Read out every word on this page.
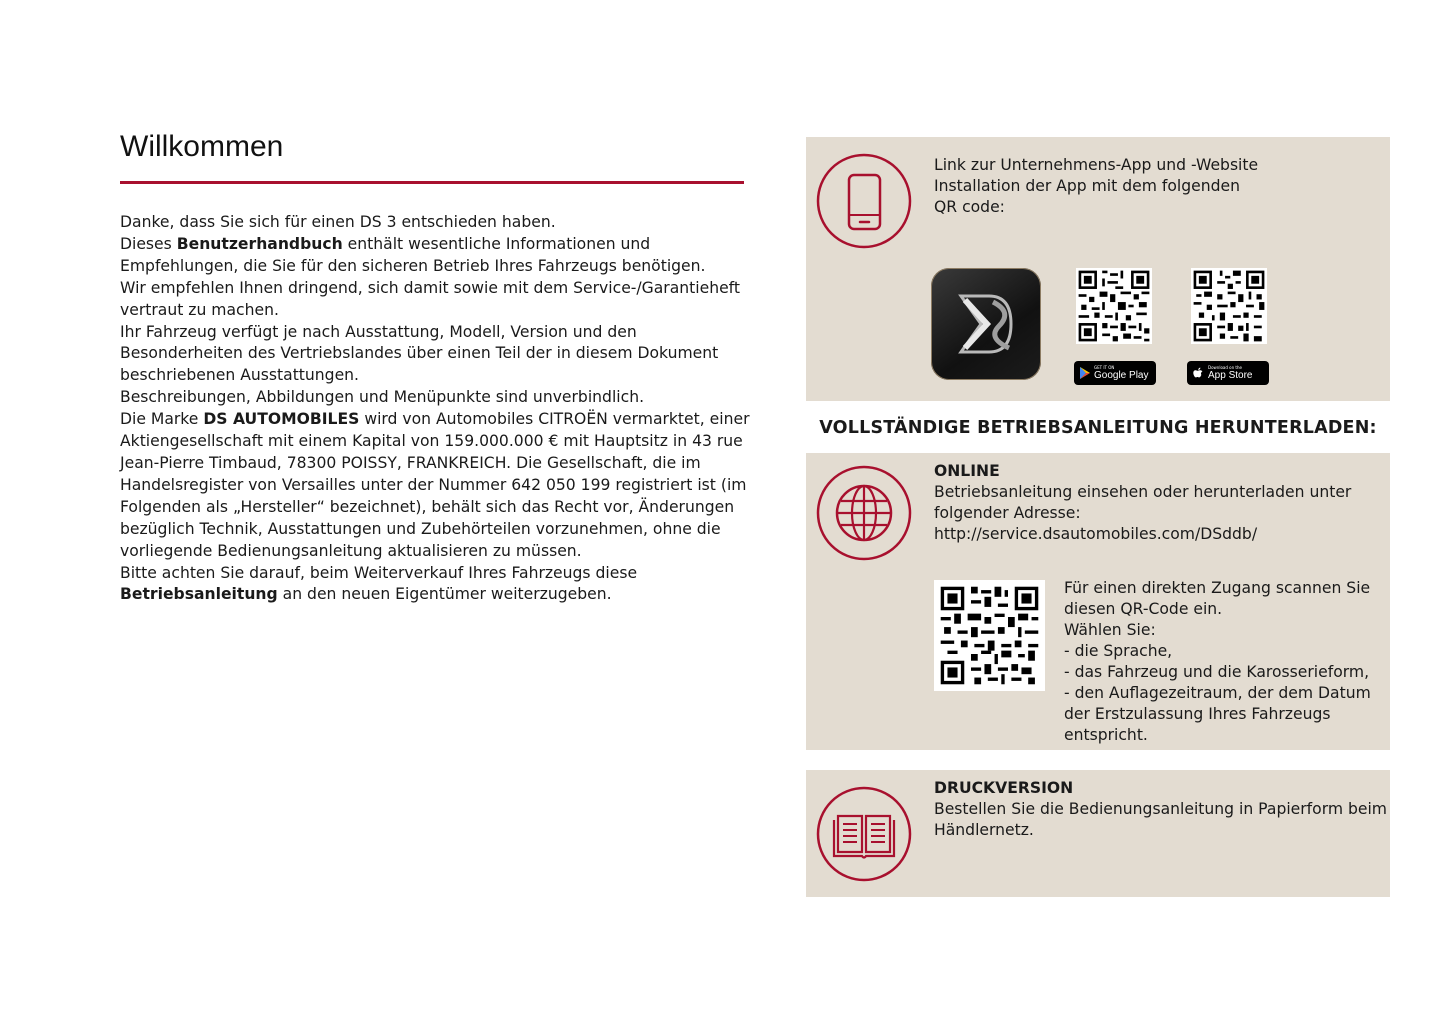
Willkommen

Danke, dass Sie sich für einen DS 3 entschieden haben.

Dieses Benutzerhandbuch enthält wesentliche Informationen und Empfehlungen, die Sie für den sicheren Betrieb Ihres Fahrzeugs benötigen.

Wir empfehlen Ihnen dringend, sich damit sowie mit dem Service-/Garantieheft vertraut zu machen.

Ihr Fahrzeug verfügt je nach Ausstattung, Modell, Version und den Besonderheiten des Vertriebslandes über einen Teil der in diesem Dokument beschriebenen Ausstattungen.

Beschreibungen, Abbildungen und Menüpunkte sind unverbindlich.

Die Marke DS AUTOMOBILES wird von Automobiles CITROËN vermarktet, einer Aktiengesellschaft mit einem Kapital von 159.000.000 € mit Hauptsitz in 43 rue Jean-Pierre Timbaud, 78300 POISSY, FRANKREICH. Die Gesellschaft, die im Handelsregister von Versailles unter der Nummer 642 050 199 registriert ist (im Folgenden als „Hersteller“ bezeichnet), behält sich das Recht vor, Änderungen bezüglich Technik, Ausstattungen und Zubehörteilen vorzunehmen, ohne die vorliegende Bedienungsanleitung aktualisieren zu müssen.

Bitte achten Sie darauf, beim Weiterverkauf Ihres Fahrzeugs diese Betriebsanleitung an den neuen Eigentümer weiterzugeben.

Link zur Unternehmens-App und -Website
Installation der App mit dem folgenden
QR code:
GET IT ON
Google Play
Download on the
App Store
VOLLSTÄNDIGE BETRIEBSANLEITUNG HERUNTERLADEN:
ONLINE
Betriebsanleitung einsehen oder herunterladen unter
folgender Adresse:
http://service.dsautomobiles.com/DSddb/
Für einen direkten Zugang scannen Sie
diesen QR-Code ein.
Wählen Sie:
- die Sprache,
- das Fahrzeug und die Karosserieform,
- den Auflagezeitraum, der dem Datum
der Erstzulassung Ihres Fahrzeugs
entspricht.
DRUCKVERSION
Bestellen Sie die Bedienungsanleitung in Papierform beim
Händlernetz.
